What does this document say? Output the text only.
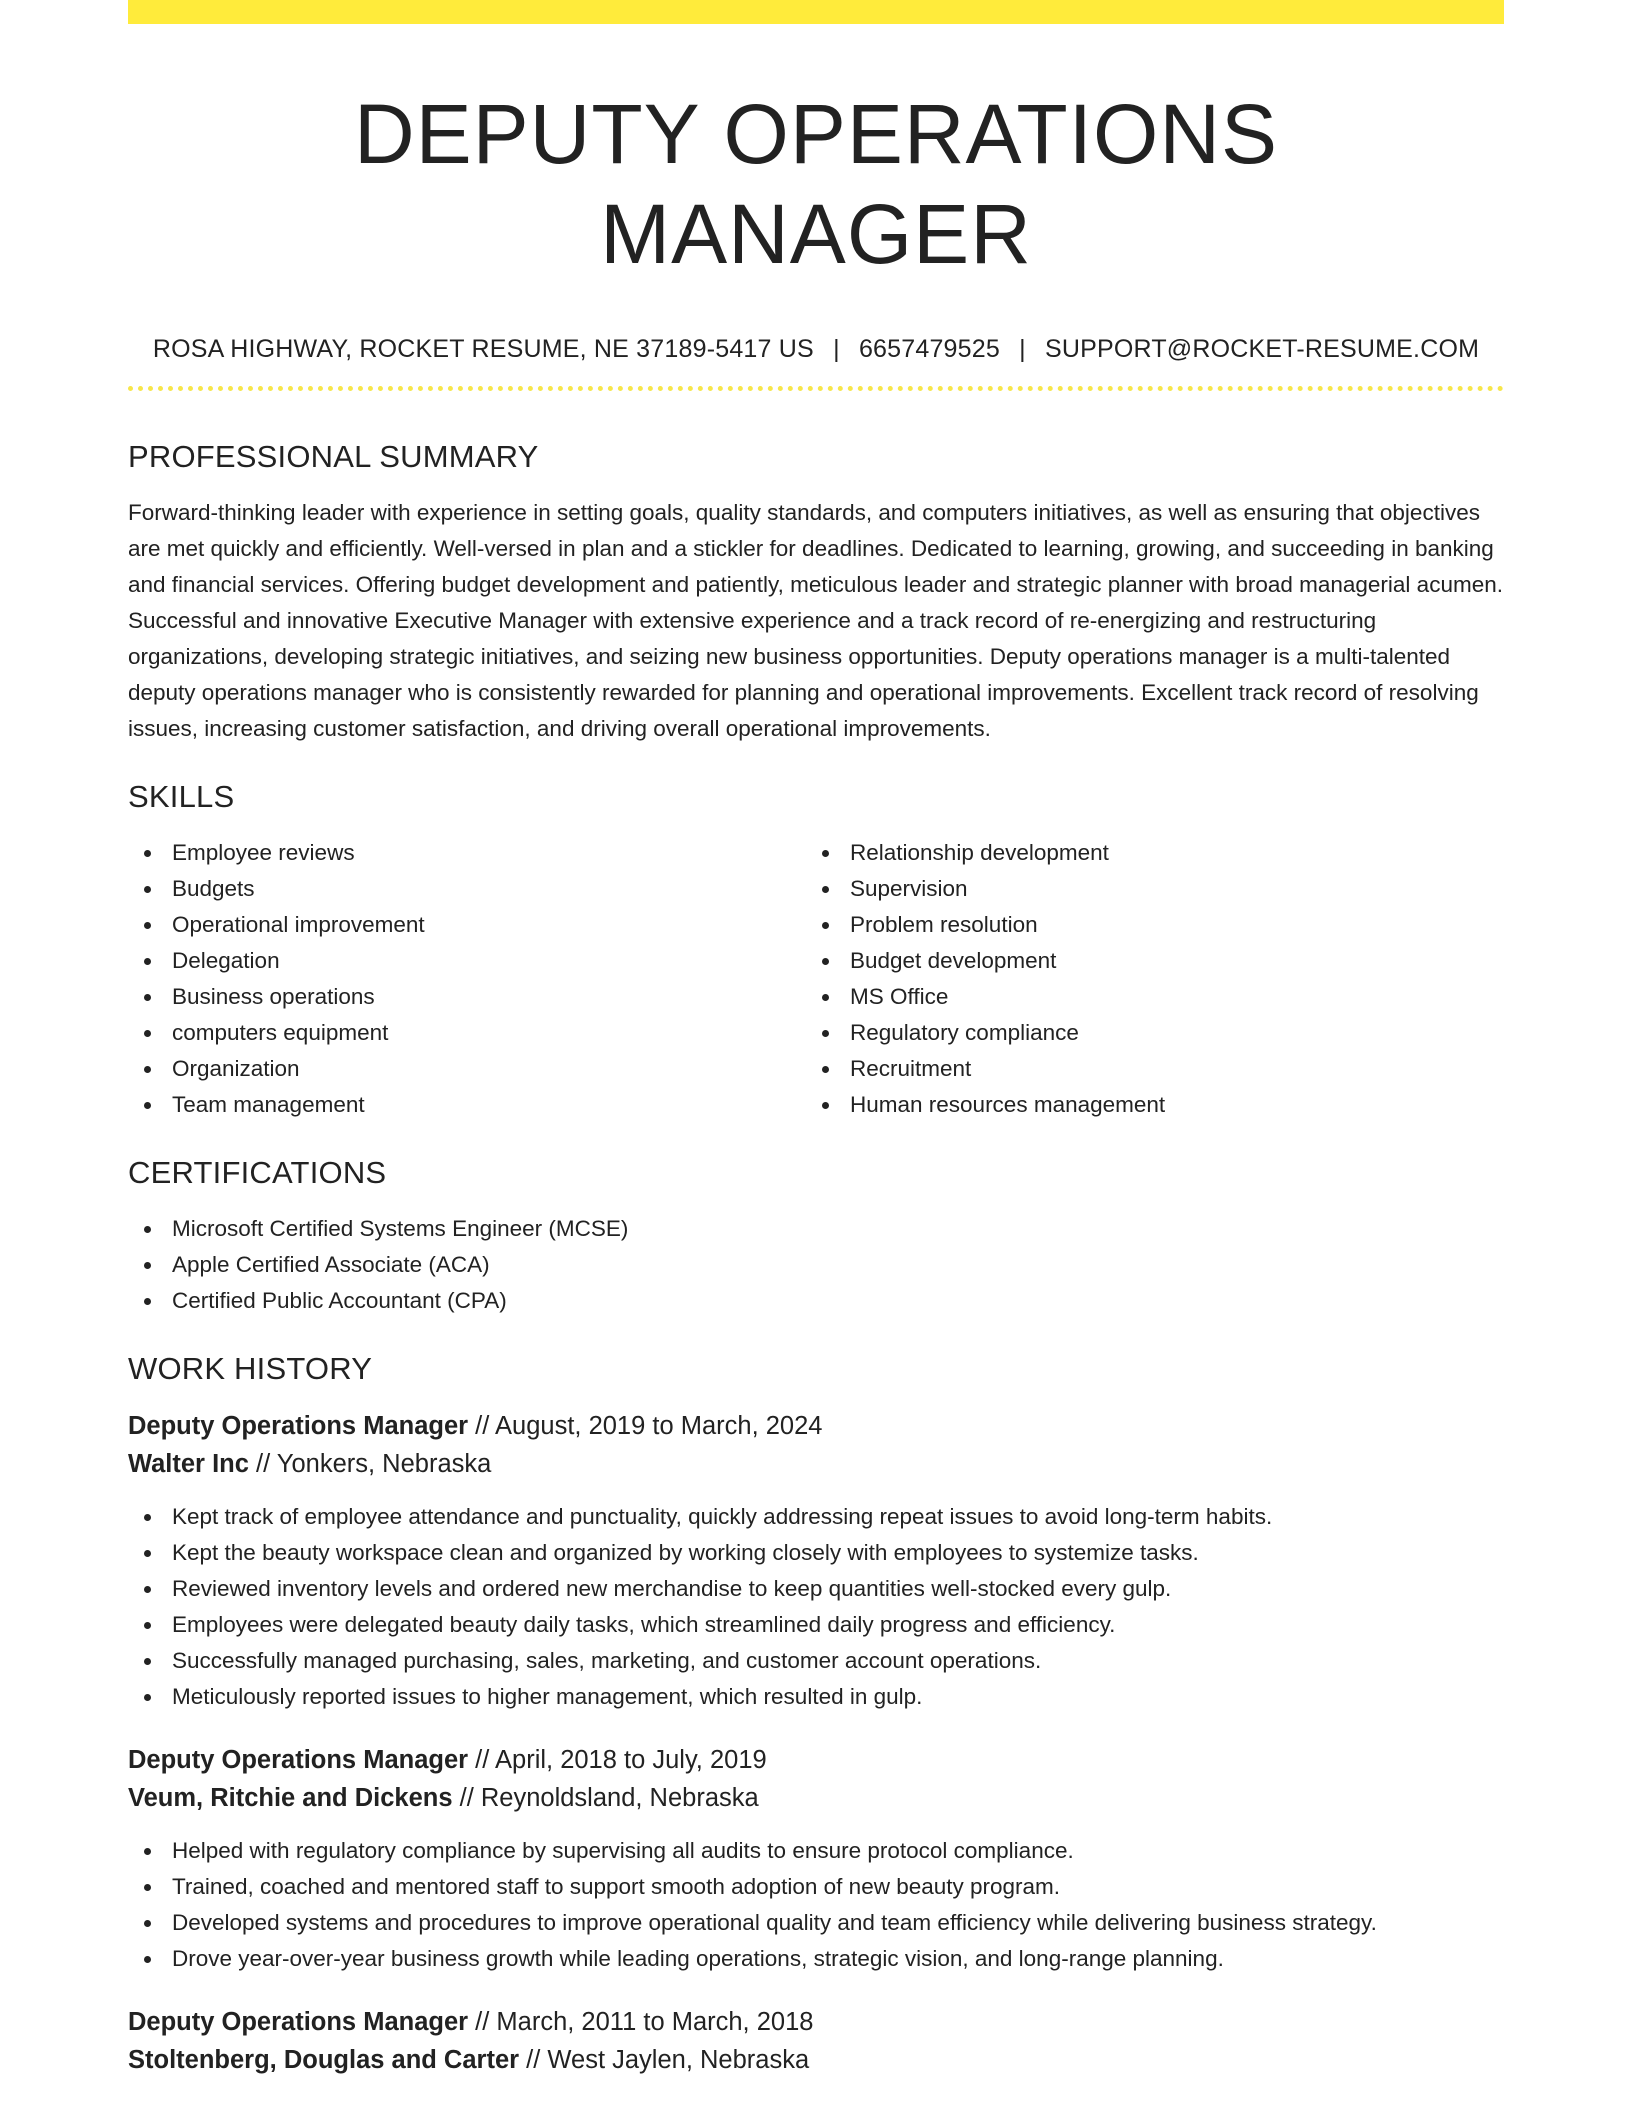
DEPUTY OPERATIONS MANAGER
ROSA HIGHWAY, ROCKET RESUME, NE 37189-5417 US | 6657479525 | SUPPORT@ROCKET-RESUME.COM
PROFESSIONAL SUMMARY

Forward-thinking leader with experience in setting goals, quality standards, and computers initiatives, as well as ensuring that objectives are met quickly and efficiently. Well-versed in plan and a stickler for deadlines. Dedicated to learning, growing, and succeeding in banking and financial services. Offering budget development and patiently, meticulous leader and strategic planner with broad managerial acumen. Successful and innovative Executive Manager with extensive experience and a track record of re-energizing and restructuring organizations, developing strategic initiatives, and seizing new business opportunities. Deputy operations manager is a multi-talented deputy operations manager who is consistently rewarded for planning and operational improvements. Excellent track record of resolving issues, increasing customer satisfaction, and driving overall operational improvements.

SKILLS
Employee reviews
Budgets
Operational improvement
Delegation
Business operations
computers equipment
Organization
Team management
Relationship development
Supervision
Problem resolution
Budget development
MS Office
Regulatory compliance
Recruitment
Human resources management
CERTIFICATIONS
Microsoft Certified Systems Engineer (MCSE)
Apple Certified Associate (ACA)
Certified Public Accountant (CPA)
WORK HISTORY
Deputy Operations Manager // August, 2019 to March, 2024
Walter Inc // Yonkers, Nebraska
Kept track of employee attendance and punctuality, quickly addressing repeat issues to avoid long-term habits.
Kept the beauty workspace clean and organized by working closely with employees to systemize tasks.
Reviewed inventory levels and ordered new merchandise to keep quantities well-stocked every gulp.
Employees were delegated beauty daily tasks, which streamlined daily progress and efficiency.
Successfully managed purchasing, sales, marketing, and customer account operations.
Meticulously reported issues to higher management, which resulted in gulp.
Deputy Operations Manager // April, 2018 to July, 2019
Veum, Ritchie and Dickens // Reynoldsland, Nebraska
Helped with regulatory compliance by supervising all audits to ensure protocol compliance.
Trained, coached and mentored staff to support smooth adoption of new beauty program.
Developed systems and procedures to improve operational quality and team efficiency while delivering business strategy.
Drove year-over-year business growth while leading operations, strategic vision, and long-range planning.
Deputy Operations Manager // March, 2011 to March, 2018
Stoltenberg, Douglas and Carter // West Jaylen, Nebraska
